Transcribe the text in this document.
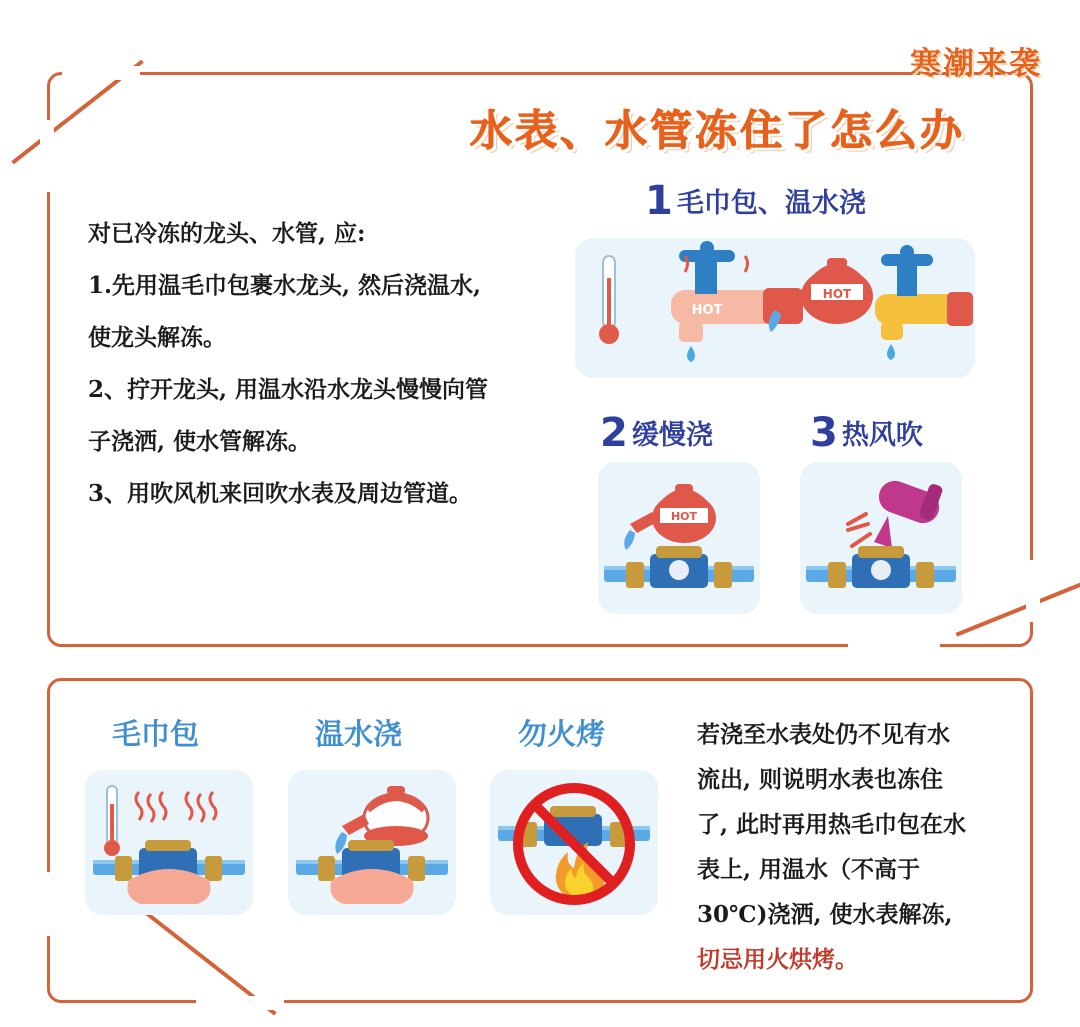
寒潮来袭
水表、水管冻住了怎么办

对已冷冻的龙头、水管, 应:

1.先用温毛巾包裹水龙头, 然后浇温水,

使龙头解冻。

2、拧开龙头, 用温水沿水龙头慢慢向管

子浇洒, 使水管解冻。

3、用吹风机来回吹水表及周边管道。

1 毛巾包、温水浇
2 缓慢浇 3 热风吹
HOT
HOT
HOT
毛巾包	温水浇	勿火烤	若浇至水表处仍不见有水
流出, 则说明水表也冻住
了, 此时再用热毛巾包在水
表上, 用温水（不高于
30℃)浇洒, 使水表解冻,
切忌用火烘烤。
